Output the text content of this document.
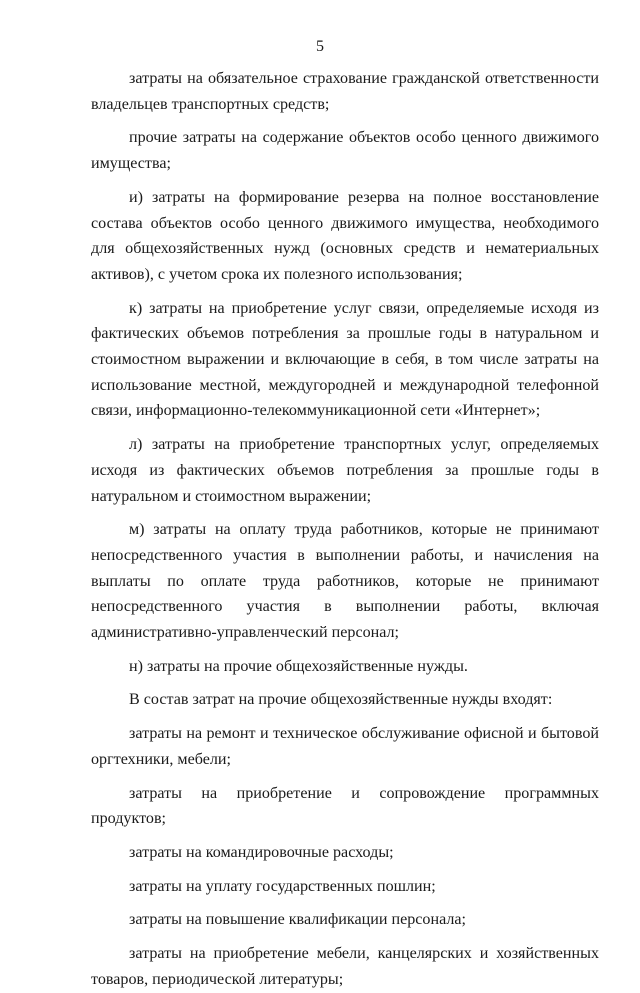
5

затраты на обязательное страхование гражданской ответственности владельцев транспортных средств;

прочие затраты на содержание объектов особо ценного движимого имущества;

и) затраты на формирование резерва на полное восстановление состава объектов особо ценного движимого имущества, необходимого для общехозяйственных нужд (основных средств и нематериальных активов), с учетом срока их полезного использования;

к) затраты на приобретение услуг связи, определяемые исходя из фактических объемов потребления за прошлые годы в натуральном и стоимостном выражении и включающие в себя, в том числе затраты на использование местной, междугородней и международной телефонной связи, информационно-телекоммуникационной сети «Интернет»;

л) затраты на приобретение транспортных услуг, определяемых исходя из фактических объемов потребления за прошлые годы в натуральном и стоимостном выражении;

м) затраты на оплату труда работников, которые не принимают непосредственного участия в выполнении работы, и начисления на выплаты по оплате труда работников, которые не принимают непосредственного участия в выполнении работы, включая административно-управленческий персонал;

н) затраты на прочие общехозяйственные нужды.

В состав затрат на прочие общехозяйственные нужды входят:

затраты на ремонт и техническое обслуживание офисной и бытовой оргтехники, мебели;

затраты на приобретение и сопровождение программных продуктов;

затраты на командировочные расходы;

затраты на уплату государственных пошлин;

затраты на повышение квалификации персонала;

затраты на приобретение мебели, канцелярских и хозяйственных товаров, периодической литературы;
